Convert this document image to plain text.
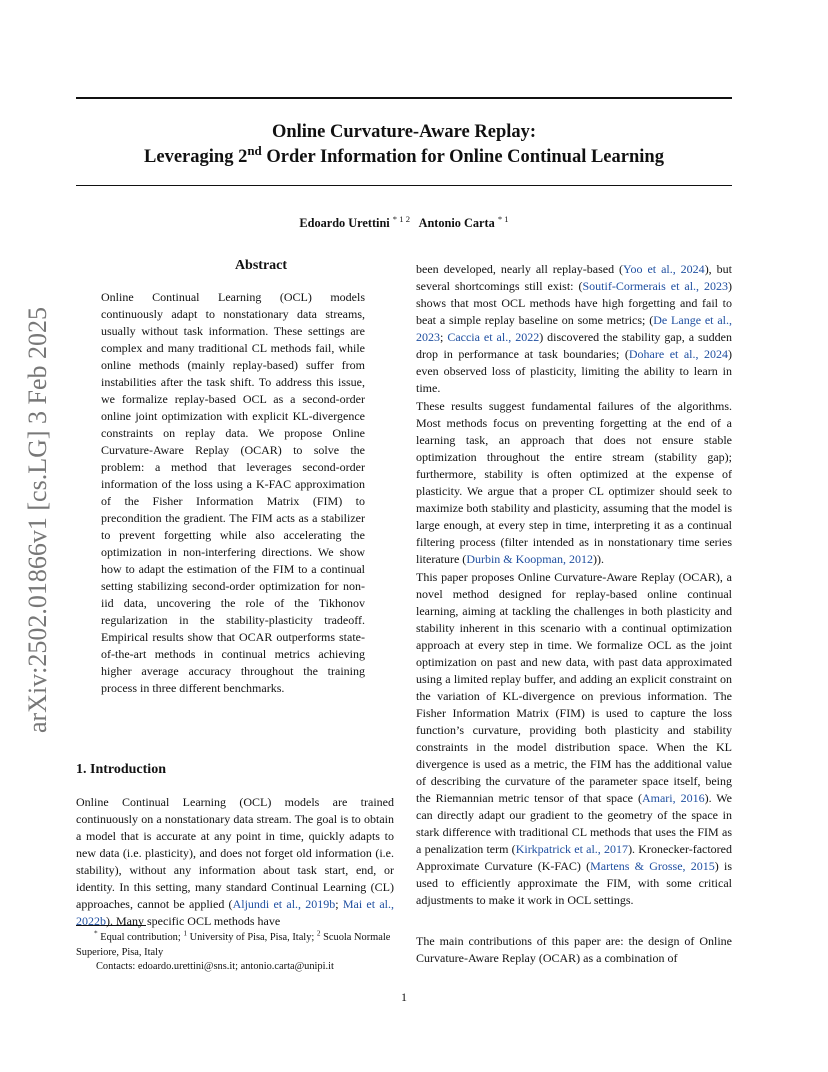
Online Curvature-Aware Replay:
Leveraging 2nd Order Information for Online Continual Learning
Edoardo Urettini $^{* 1 2}$ Antonio Carta $^{* 1}$
arXiv:2502.01866v1 [cs.LG] 3 Feb 2025
Abstract
Online Continual Learning (OCL) models continuously adapt to nonstationary data streams, usually without task information. These settings are complex and many traditional CL methods fail, while online methods (mainly replay-based) suffer from instabilities after the task shift. To address this issue, we formalize replay-based OCL as a second-order online joint optimization with explicit KL-divergence constraints on replay data. We propose Online Curvature-Aware Replay (OCAR) to solve the problem: a method that leverages second-order information of the loss using a K-FAC approximation of the Fisher Information Matrix (FIM) to precondition the gradient. The FIM acts as a stabilizer to prevent forgetting while also accelerating the optimization in non-interfering directions. We show how to adapt the estimation of the FIM to a continual setting stabilizing second-order optimization for non-iid data, uncovering the role of the Tikhonov regularization in the stability-plasticity tradeoff. Empirical results show that OCAR outperforms state-of-the-art methods in continual metrics achieving higher average accuracy throughout the training process in three different benchmarks.
1. Introduction
Online Continual Learning (OCL) models are trained continuously on a nonstationary data stream. The goal is to obtain a model that is accurate at any point in time, quickly adapts to new data (i.e. plasticity), and does not forget old information (i.e. stability), without any information about task start, end, or identity. In this setting, many standard Continual Learning (CL) approaches, cannot be applied (Aljundi et al., 2019b; Mai et al., 2022b). Many specific OCL methods have
* Equal contribution; $^1$ University of Pisa, Pisa, Italy; $^2$ Scuola Normale Superiore, Pisa, Italy
Contacts: edoardo.urettini@sns.it; antonio.carta@unipi.it
been developed, nearly all replay-based (Yoo et al., 2024), but several shortcomings still exist: (Soutif-Cormerais et al., 2023) shows that most OCL methods have high forgetting and fail to beat a simple replay baseline on some metrics; (De Lange et al., 2023; Caccia et al., 2022) discovered the stability gap, a sudden drop in performance at task boundaries; (Dohare et al., 2024) even observed loss of plasticity, limiting the ability to learn in time.
These results suggest fundamental failures of the algorithms. Most methods focus on preventing forgetting at the end of a learning task, an approach that does not ensure stable optimization throughout the entire stream (stability gap); furthermore, stability is often optimized at the expense of plasticity. We argue that a proper CL optimizer should seek to maximize both stability and plasticity, assuming that the model is large enough, at every step in time, interpreting it as a continual filtering process (filter intended as in nonstationary time series literature (Durbin & Koopman, 2012)).
This paper proposes Online Curvature-Aware Replay (OCAR), a novel method designed for replay-based online continual learning, aiming at tackling the challenges in both plasticity and stability inherent in this scenario with a continual optimization approach at every step in time. We formalize OCL as the joint optimization on past and new data, with past data approximated using a limited replay buffer, and adding an explicit constraint on the variation of KL-divergence on previous information. The Fisher Information Matrix (FIM) is used to capture the loss function’s curvature, providing both plasticity and stability constraints in the model distribution space. When the KL divergence is used as a metric, the FIM has the additional value of describing the curvature of the parameter space itself, being the Riemannian metric tensor of that space (Amari, 2016). We can directly adapt our gradient to the geometry of the space in stark difference with traditional CL methods that uses the FIM as a penalization term (Kirkpatrick et al., 2017). Kronecker-factored Approximate Curvature (K-FAC) (Martens & Grosse, 2015) is used to efficiently approximate the FIM, with some critical adjustments to make it work in OCL settings.
The main contributions of this paper are: the design of Online Curvature-Aware Replay (OCAR) as a combination of
1
